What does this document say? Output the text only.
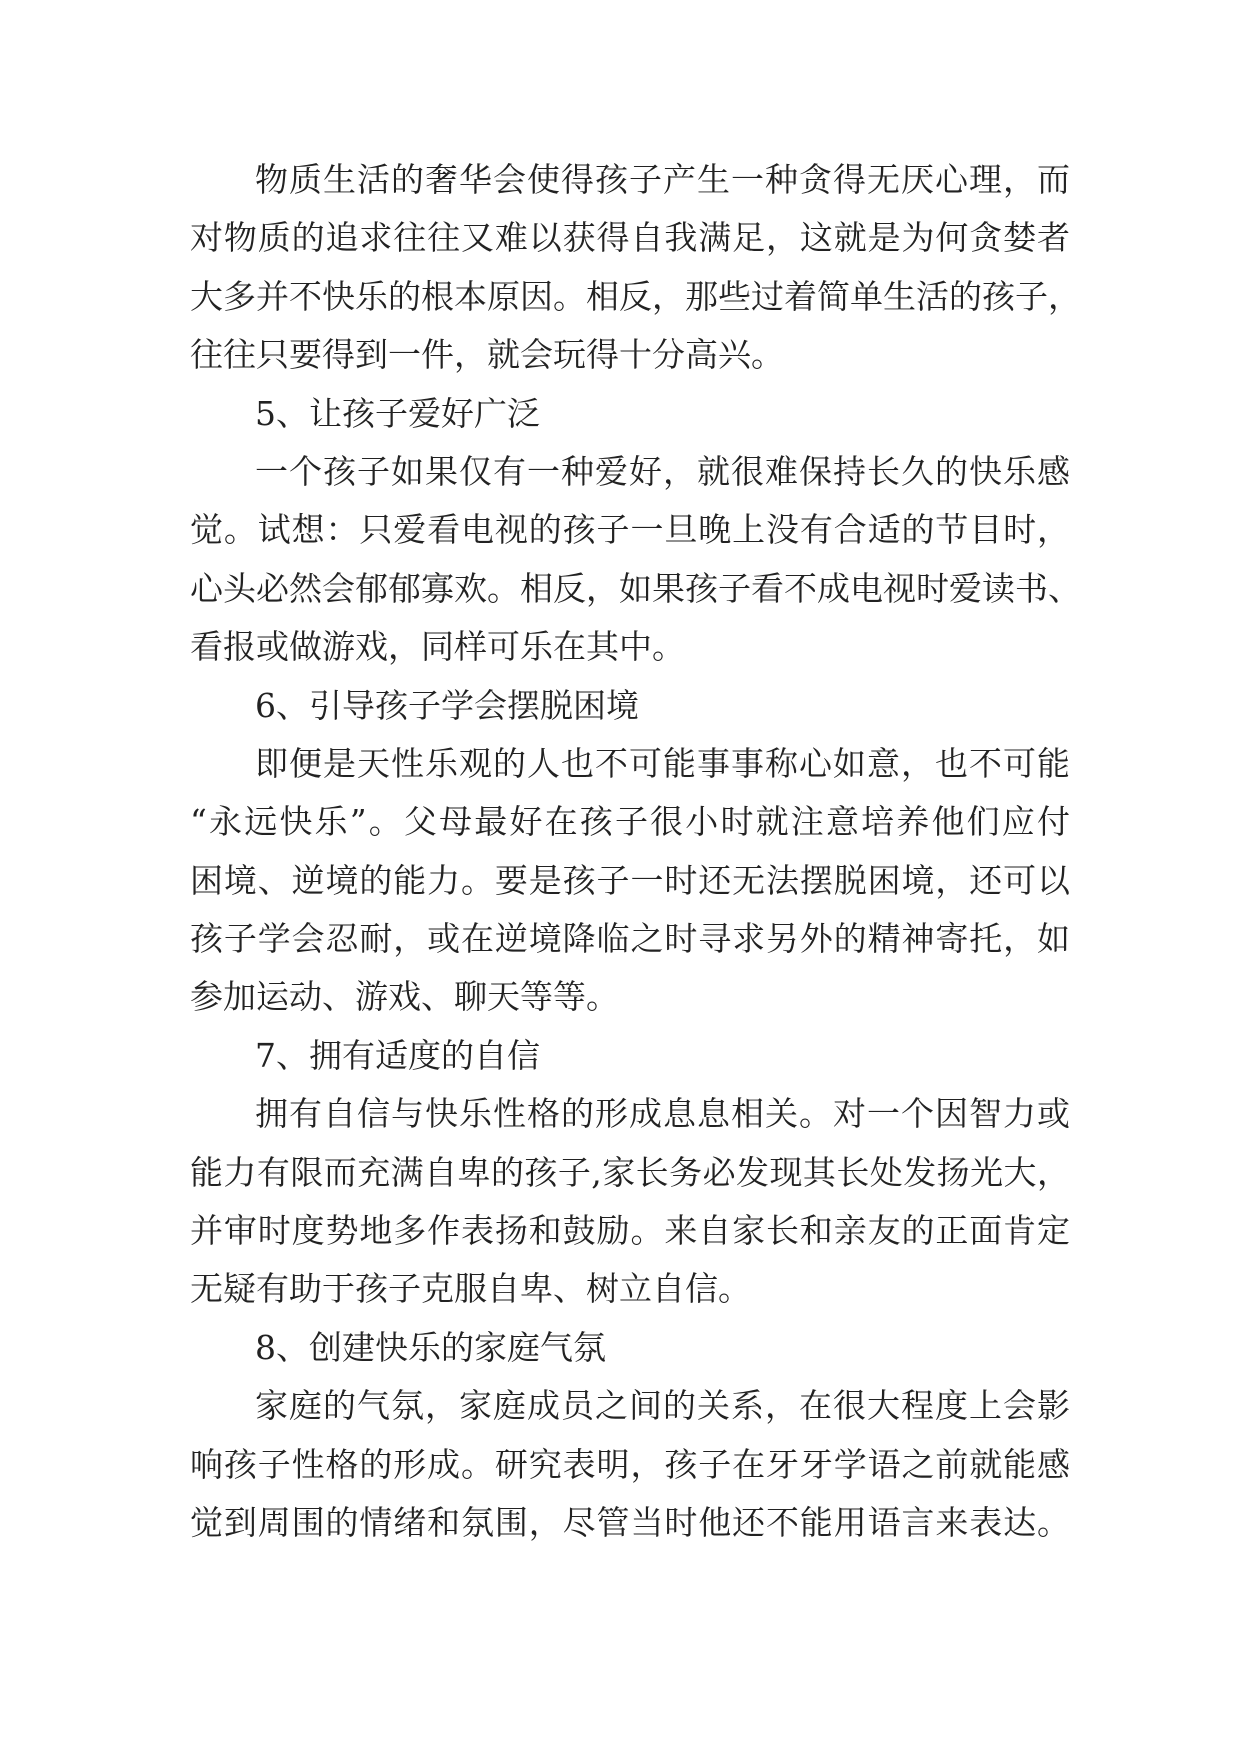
物质生活的奢华会使得孩子产生一种贪得无厌心理，而

对物质的追求往往又难以获得自我满足，这就是为何贪婪者

大多并不快乐的根本原因。相反，那些过着简单生活的孩子，

往往只要得到一件，就会玩得十分高兴。

5、让孩子爱好广泛

一个孩子如果仅有一种爱好，就很难保持长久的快乐感

觉。试想：只爱看电视的孩子一旦晚上没有合适的节目时，

心头必然会郁郁寡欢。相反，如果孩子看不成电视时爱读书、

看报或做游戏，同样可乐在其中。

6、引导孩子学会摆脱困境

即便是天性乐观的人也不可能事事称心如意，也不可能

“永远快乐”。父母最好在孩子很小时就注意培养他们应付

困境、逆境的能力。要是孩子一时还无法摆脱困境，还可以

孩子学会忍耐，或在逆境降临之时寻求另外的精神寄托，如

参加运动、游戏、聊天等等。

7、拥有适度的自信

拥有自信与快乐性格的形成息息相关。对一个因智力或

能力有限而充满自卑的孩子,家长务必发现其长处发扬光大，

并审时度势地多作表扬和鼓励。来自家长和亲友的正面肯定

无疑有助于孩子克服自卑、树立自信。

8、创建快乐的家庭气氛

家庭的气氛，家庭成员之间的关系，在很大程度上会影

响孩子性格的形成。研究表明，孩子在牙牙学语之前就能感

觉到周围的情绪和氛围，尽管当时他还不能用语言来表达。
